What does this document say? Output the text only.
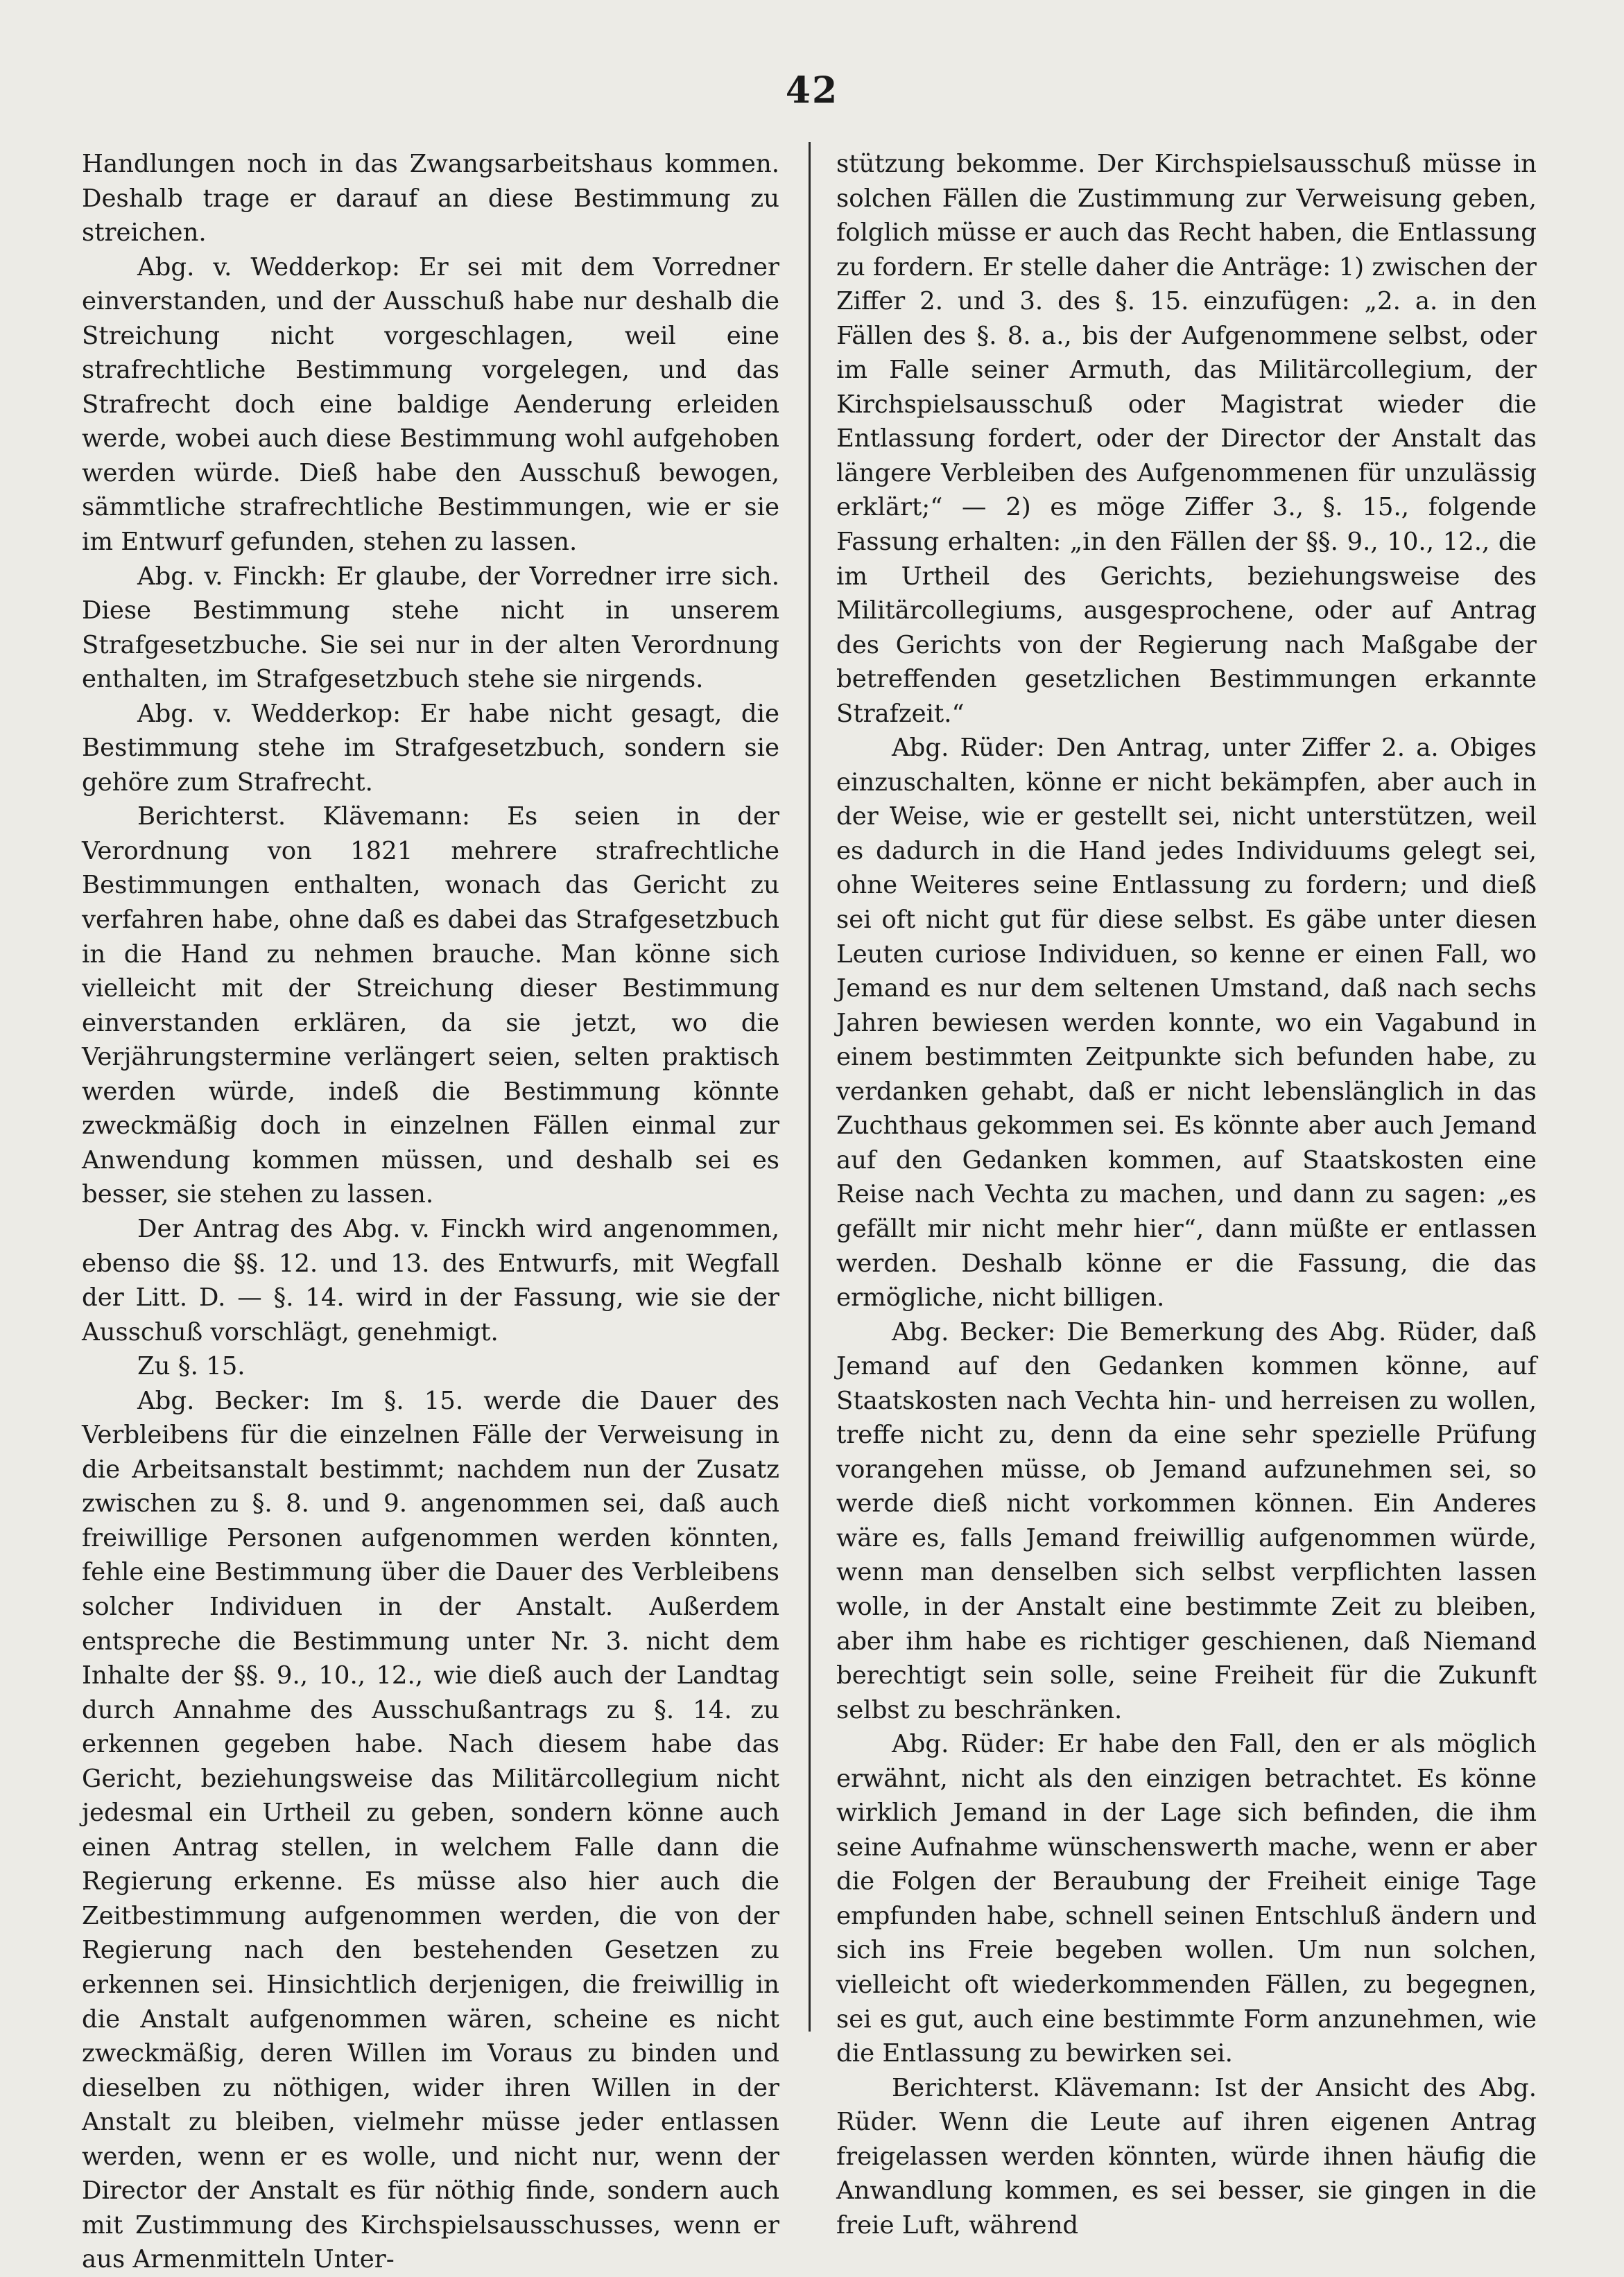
42

Handlungen noch in das Zwangsarbeitshaus kommen. Deshalb trage er darauf an diese Bestimmung zu streichen.

Abg. v. Wedderkop: Er sei mit dem Vorredner einverstanden, und der Ausschuß habe nur deshalb die Streichung nicht vorgeschlagen, weil eine strafrechtliche Bestimmung vorgelegen, und das Strafrecht doch eine baldige Aenderung erleiden werde, wobei auch diese Bestimmung wohl aufgehoben werden würde. Dieß habe den Ausschuß bewogen, sämmtliche strafrechtliche Bestimmungen, wie er sie im Entwurf gefunden, stehen zu lassen.

Abg. v. Finckh: Er glaube, der Vorredner irre sich. Diese Bestimmung stehe nicht in unserem Strafgesetzbuche. Sie sei nur in der alten Verordnung enthalten, im Strafgesetzbuch stehe sie nirgends.

Abg. v. Wedderkop: Er habe nicht gesagt, die Bestimmung stehe im Strafgesetzbuch, sondern sie gehöre zum Strafrecht.

Berichterst. Klävemann: Es seien in der Verordnung von 1821 mehrere strafrechtliche Bestimmungen enthalten, wonach das Gericht zu verfahren habe, ohne daß es dabei das Strafgesetzbuch in die Hand zu nehmen brauche. Man könne sich vielleicht mit der Streichung dieser Bestimmung einverstanden erklären, da sie jetzt, wo die Verjährungstermine verlängert seien, selten praktisch werden würde, indeß die Bestimmung könnte zweckmäßig doch in einzelnen Fällen einmal zur Anwendung kommen müssen, und deshalb sei es besser, sie stehen zu lassen.

Der Antrag des Abg. v. Finckh wird angenommen, ebenso die §§. 12. und 13. des Entwurfs, mit Wegfall der Litt. D. — §. 14. wird in der Fassung, wie sie der Ausschuß vorschlägt, genehmigt.

Zu §. 15.

Abg. Becker: Im §. 15. werde die Dauer des Verbleibens für die einzelnen Fälle der Verweisung in die Arbeitsanstalt bestimmt; nachdem nun der Zusatz zwischen zu §. 8. und 9. angenommen sei, daß auch freiwillige Personen aufgenommen werden könnten, fehle eine Bestimmung über die Dauer des Verbleibens solcher Individuen in der Anstalt. Außerdem entspreche die Bestimmung unter Nr. 3. nicht dem Inhalte der §§. 9., 10., 12., wie dieß auch der Landtag durch Annahme des Ausschußantrags zu §. 14. zu erkennen gegeben habe. Nach diesem habe das Gericht, beziehungsweise das Militärcollegium nicht jedesmal ein Urtheil zu geben, sondern könne auch einen Antrag stellen, in welchem Falle dann die Regierung erkenne. Es müsse also hier auch die Zeitbestimmung aufgenommen werden, die von der Regierung nach den bestehenden Gesetzen zu erkennen sei. Hinsichtlich derjenigen, die freiwillig in die Anstalt aufgenommen wären, scheine es nicht zweckmäßig, deren Willen im Voraus zu binden und dieselben zu nöthigen, wider ihren Willen in der Anstalt zu bleiben, vielmehr müsse jeder entlassen werden, wenn er es wolle, und nicht nur, wenn der Director der Anstalt es für nöthig finde, sondern auch mit Zustimmung des Kirchspielsausschusses, wenn er aus Armenmitteln Unter-

stützung bekomme. Der Kirchspielsausschuß müsse in solchen Fällen die Zustimmung zur Verweisung geben, folglich müsse er auch das Recht haben, die Entlassung zu fordern. Er stelle daher die Anträge: 1) zwischen der Ziffer 2. und 3. des §. 15. einzufügen: „2. a. in den Fällen des §. 8. a., bis der Aufgenommene selbst, oder im Falle seiner Armuth, das Militärcollegium, der Kirchspielsausschuß oder Magistrat wieder die Entlassung fordert, oder der Director der Anstalt das längere Verbleiben des Aufgenommenen für unzulässig erklärt;“ — 2) es möge Ziffer 3., §. 15., folgende Fassung erhalten: „in den Fällen der §§. 9., 10., 12., die im Urtheil des Gerichts, beziehungsweise des Militärcollegiums, ausgesprochene, oder auf Antrag des Gerichts von der Regierung nach Maßgabe der betreffenden gesetzlichen Bestimmungen erkannte Strafzeit.“

Abg. Rüder: Den Antrag, unter Ziffer 2. a. Obiges einzuschalten, könne er nicht bekämpfen, aber auch in der Weise, wie er gestellt sei, nicht unterstützen, weil es dadurch in die Hand jedes Individuums gelegt sei, ohne Weiteres seine Entlassung zu fordern; und dieß sei oft nicht gut für diese selbst. Es gäbe unter diesen Leuten curiose Individuen, so kenne er einen Fall, wo Jemand es nur dem seltenen Umstand, daß nach sechs Jahren bewiesen werden konnte, wo ein Vagabund in einem bestimmten Zeitpunkte sich befunden habe, zu verdanken gehabt, daß er nicht lebenslänglich in das Zuchthaus gekommen sei. Es könnte aber auch Jemand auf den Gedanken kommen, auf Staatskosten eine Reise nach Vechta zu machen, und dann zu sagen: „es gefällt mir nicht mehr hier“, dann müßte er entlassen werden. Deshalb könne er die Fassung, die das ermögliche, nicht billigen.

Abg. Becker: Die Bemerkung des Abg. Rüder, daß Jemand auf den Gedanken kommen könne, auf Staatskosten nach Vechta hin- und herreisen zu wollen, treffe nicht zu, denn da eine sehr spezielle Prüfung vorangehen müsse, ob Jemand aufzunehmen sei, so werde dieß nicht vorkommen können. Ein Anderes wäre es, falls Jemand freiwillig aufgenommen würde, wenn man denselben sich selbst verpflichten lassen wolle, in der Anstalt eine bestimmte Zeit zu bleiben, aber ihm habe es richtiger geschienen, daß Niemand berechtigt sein solle, seine Freiheit für die Zukunft selbst zu beschränken.

Abg. Rüder: Er habe den Fall, den er als möglich erwähnt, nicht als den einzigen betrachtet. Es könne wirklich Jemand in der Lage sich befinden, die ihm seine Aufnahme wünschenswerth mache, wenn er aber die Folgen der Beraubung der Freiheit einige Tage empfunden habe, schnell seinen Entschluß ändern und sich ins Freie begeben wollen. Um nun solchen, vielleicht oft wiederkommenden Fällen, zu begegnen, sei es gut, auch eine bestimmte Form anzunehmen, wie die Entlassung zu bewirken sei.

Berichterst. Klävemann: Ist der Ansicht des Abg. Rüder. Wenn die Leute auf ihren eigenen Antrag freigelassen werden könnten, würde ihnen häufig die Anwandlung kommen, es sei besser, sie gingen in die freie Luft, während
